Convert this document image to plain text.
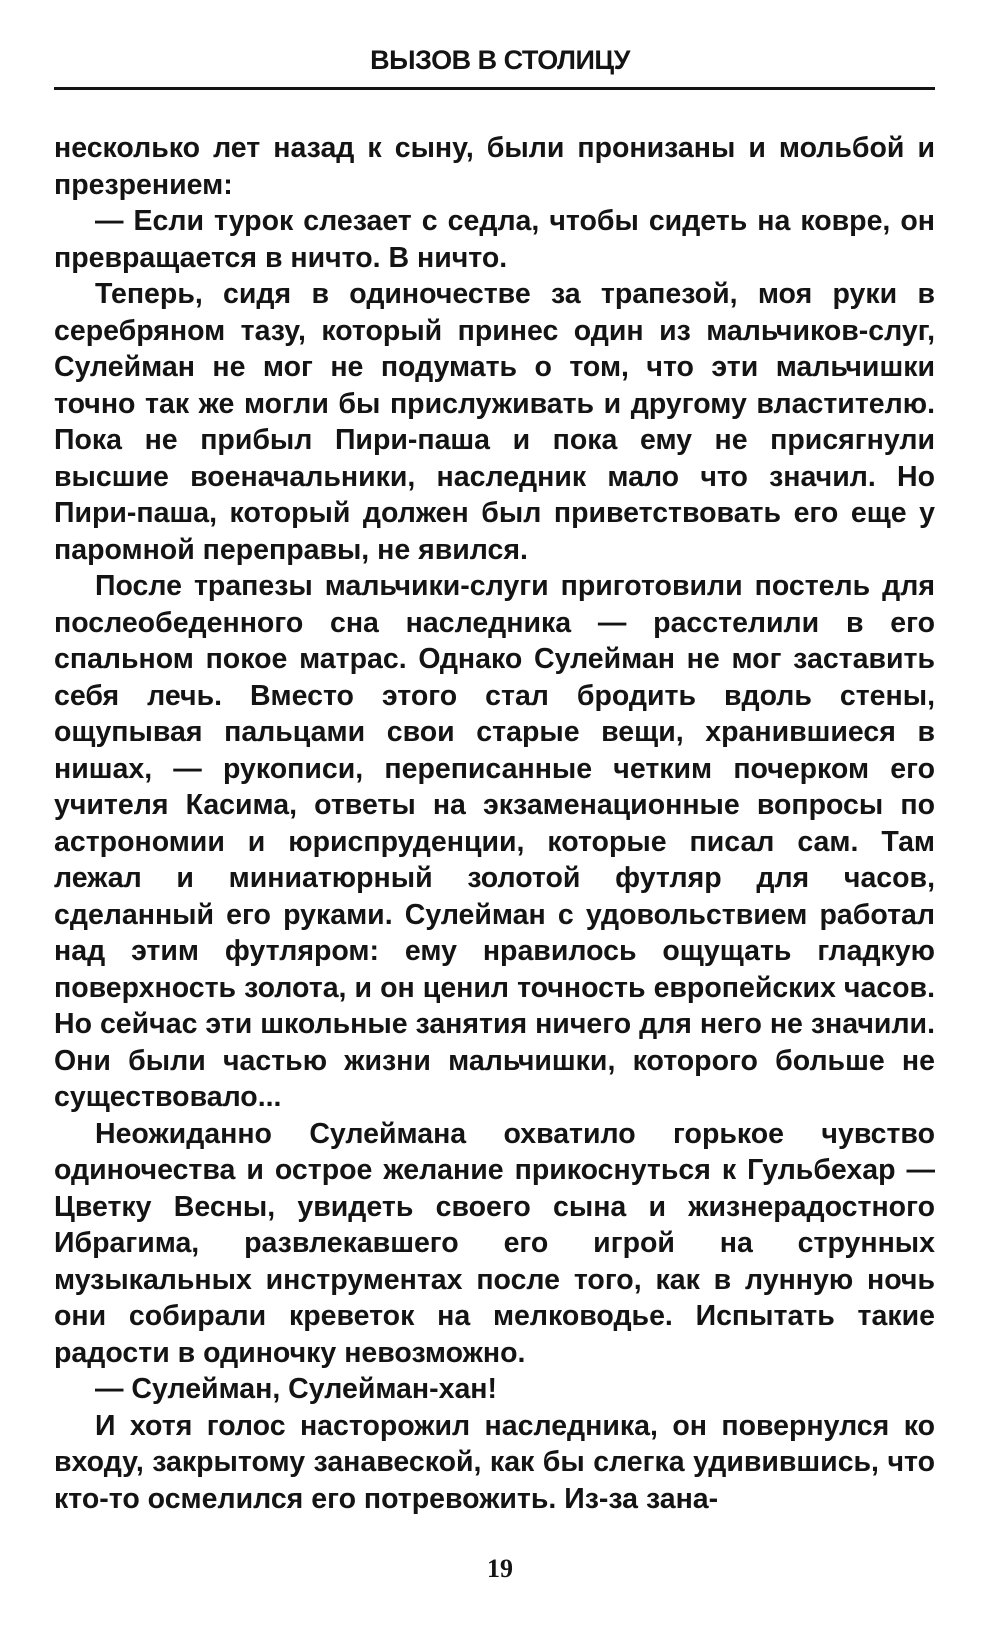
ВЫЗОВ В СТОЛИЦУ

несколько лет назад к сыну, были пронизаны и мольбой и презрением:

— Если турок слезает с седла, чтобы сидеть на ковре, он превращается в ничто. В ничто.

Теперь, сидя в одиночестве за трапезой, моя руки в серебряном тазу, который принес один из мальчиков-слуг, Сулейман не мог не подумать о том, что эти мальчишки точно так же могли бы прислуживать и другому властителю. Пока не прибыл Пири-паша и пока ему не присягнули высшие военачальники, наследник мало что значил. Но Пири-паша, который должен был приветствовать его еще у паромной переправы, не явился.

После трапезы мальчики-слуги приготовили постель для послеобеденного сна наследника — расстелили в его спальном покое матрас. Однако Сулейман не мог заставить себя лечь. Вместо этого стал бродить вдоль стены, ощупывая пальцами свои старые вещи, хранившиеся в нишах, — рукописи, переписанные четким почерком его учителя Касима, ответы на экзаменационные вопросы по астрономии и юриспруденции, которые писал сам. Там лежал и миниатюрный золотой футляр для часов, сделанный его руками. Сулейман с удовольствием работал над этим футляром: ему нравилось ощущать гладкую поверхность золота, и он ценил точность европейских часов. Но сейчас эти школьные занятия ничего для него не значили. Они были частью жизни мальчишки, которого больше не существовало...

Неожиданно Сулеймана охватило горькое чувство одиночества и острое желание прикоснуться к Гульбехар — Цветку Весны, увидеть своего сына и жизнерадостного Ибрагима, развлекавшего его игрой на струнных музыкальных инструментах после того, как в лунную ночь они собирали креветок на мелководье. Испытать такие радости в одиночку невозможно.

— Сулейман, Сулейман-хан!

И хотя голос насторожил наследника, он повернулся ко входу, закрытому занавеской, как бы слегка удивившись, что кто-то осмелился его потревожить. Из-за зана-

19
